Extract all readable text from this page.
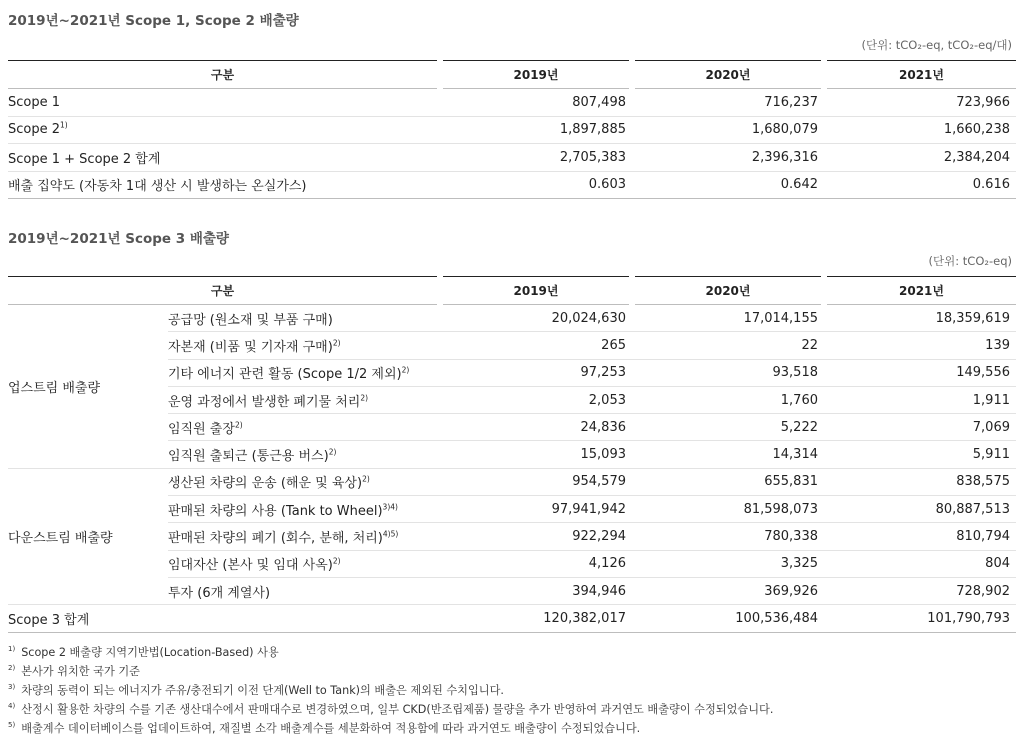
2019년~2021년 Scope 1, Scope 2 배출량
(단위: tCO₂-eq, tCO₂-eq/대)
구분	2019년	2020년	2021년
Scope 1	807,498	716,237	723,966
Scope 2$^{1)}$	1,897,885	1,680,079	1,660,238
Scope 1 + Scope 2 합계	2,705,383	2,396,316	2,384,204
배출 집약도 (자동차 1대 생산 시 발생하는 온실가스)	0.603	0.642	0.616
2019년~2021년 Scope 3 배출량
(단위: tCO₂-eq)
구분		2019년	2020년	2021년
업스트림 배출량	공급망 (원소재 및 부품 구매)	20,024,630	17,014,155	18,359,619
	자본재 (비품 및 기자재 구매)$^{2)}$	265	22	139
	기타 에너지 관련 활동 (Scope 1/2 제외)$^{2)}$	97,253	93,518	149,556
	운영 과정에서 발생한 폐기물 처리$^{2)}$	2,053	1,760	1,911
	임직원 출장$^{2)}$	24,836	5,222	7,069
	임직원 출퇴근 (통근용 버스)$^{2)}$	15,093	14,314	5,911
다운스트림 배출량	생산된 차량의 운송 (해운 및 육상)$^{2)}$	954,579	655,831	838,575
	판매된 차량의 사용 (Tank to Wheel)$^{3)4)}$	97,941,942	81,598,073	80,887,513
	판매된 차량의 폐기 (회수, 분해, 처리)$^{4)5)}$	922,294	780,338	810,794
	임대자산 (본사 및 임대 사옥)$^{2)}$	4,126	3,325	804
	투자 (6개 계열사)	394,946	369,926	728,902
Scope 3 합계		120,382,017	100,536,484	101,790,793
$^{1)}$ Scope 2 배출량 지역기반법(Location-Based) 사용
$^{2)}$ 본사가 위치한 국가 기준
$^{3)}$ 차량의 동력이 되는 에너지가 주유/충전되기 이전 단계(Well to Tank)의 배출은 제외된 수치입니다.
$^{4)}$ 산정시 활용한 차량의 수를 기존 생산대수에서 판매대수로 변경하였으며, 일부 CKD(반조립제품) 물량을 추가 반영하여 과거연도 배출량이 수정되었습니다.
$^{5)}$ 배출계수 데이터베이스를 업데이트하여, 재질별 소각 배출계수를 세분화하여 적용함에 따라 과거연도 배출량이 수정되었습니다.
